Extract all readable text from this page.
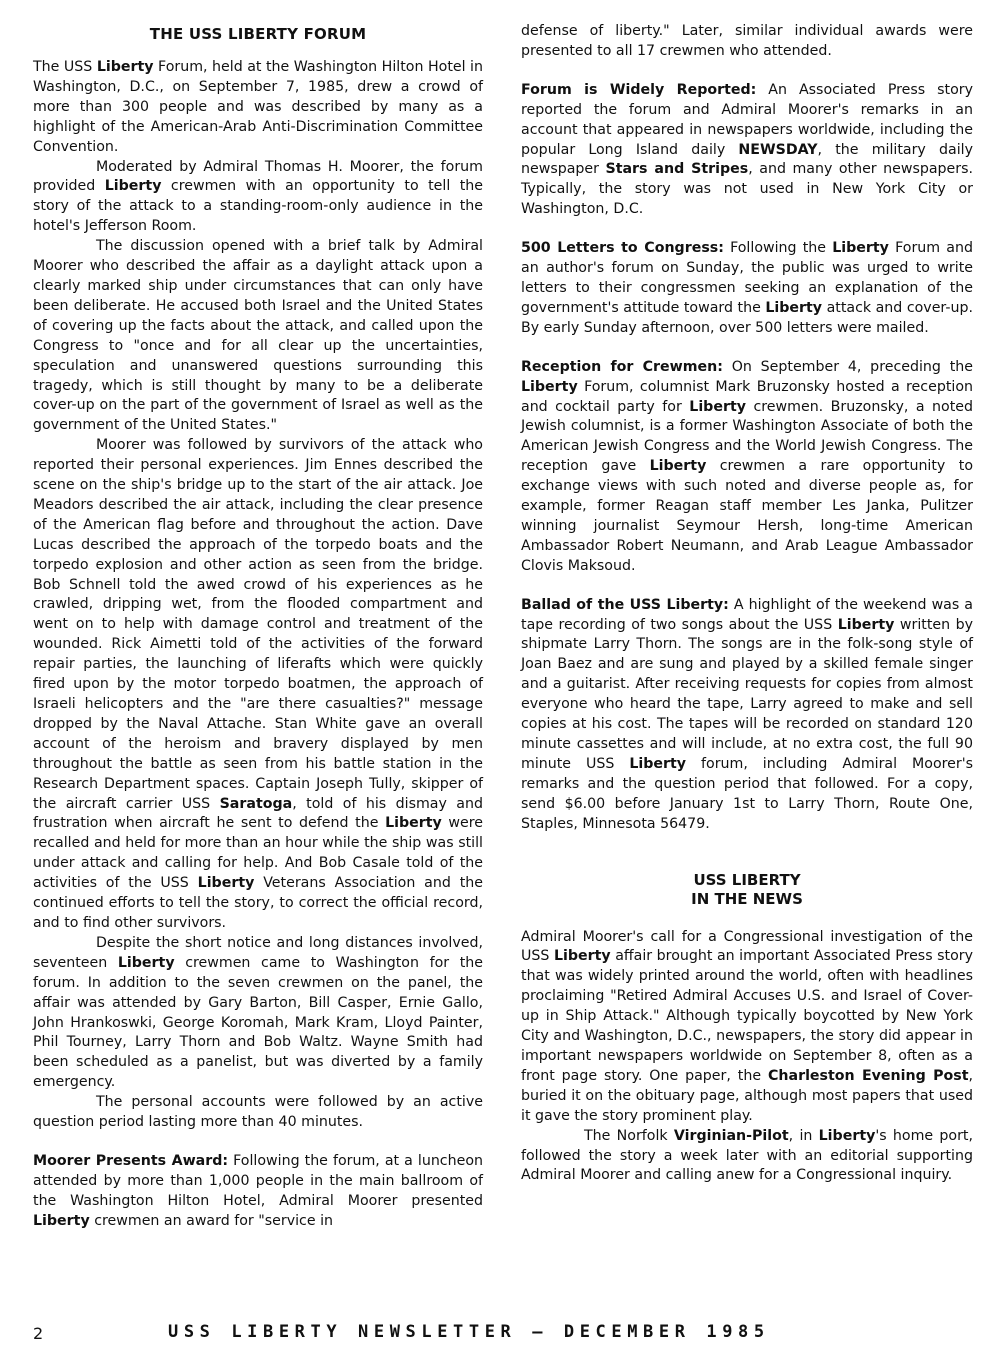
THE USS LIBERTY FORUM

The USS Liberty Forum, held at the Washington Hilton Hotel in Washington, D.C., on September 7, 1985, drew a crowd of more than 300 people and was described by many as a highlight of the American-Arab Anti-Discrimination Committee Convention.

Moderated by Admiral Thomas H. Moorer, the forum provided Liberty crewmen with an opportunity to tell the story of the attack to a standing-room-only audience in the hotel's Jefferson Room.

The discussion opened with a brief talk by Admiral Moorer who described the affair as a daylight attack upon a clearly marked ship under circumstances that can only have been deliberate. He accused both Israel and the United States of covering up the facts about the attack, and called upon the Congress to "once and for all clear up the uncertainties, speculation and unanswered questions surrounding this tragedy, which is still thought by many to be a deliberate cover-up on the part of the government of Israel as well as the government of the United States."

Moorer was followed by survivors of the attack who reported their personal experiences. Jim Ennes described the scene on the ship's bridge up to the start of the air attack. Joe Meadors described the air attack, including the clear presence of the American flag before and throughout the action. Dave Lucas described the approach of the torpedo boats and the torpedo explosion and other action as seen from the bridge. Bob Schnell told the awed crowd of his experiences as he crawled, dripping wet, from the flooded compartment and went on to help with damage control and treatment of the wounded. Rick Aimetti told of the activities of the forward repair parties, the launching of liferafts which were quickly fired upon by the motor torpedo boatmen, the approach of Israeli helicopters and the "are there casualties?" message dropped by the Naval Attache. Stan White gave an overall account of the heroism and bravery displayed by men throughout the battle as seen from his battle station in the Research Department spaces. Captain Joseph Tully, skipper of the aircraft carrier USS Saratoga, told of his dismay and frustration when aircraft he sent to defend the Liberty were recalled and held for more than an hour while the ship was still under attack and calling for help. And Bob Casale told of the activities of the USS Liberty Veterans Association and the continued efforts to tell the story, to correct the official record, and to find other survivors.

Despite the short notice and long distances involved, seventeen Liberty crewmen came to Washington for the forum. In addition to the seven crewmen on the panel, the affair was attended by Gary Barton, Bill Casper, Ernie Gallo, John Hrankoswki, George Koromah, Mark Kram, Lloyd Painter, Phil Tourney, Larry Thorn and Bob Waltz. Wayne Smith had been scheduled as a panelist, but was diverted by a family emergency.

The personal accounts were followed by an active question period lasting more than 40 minutes.

Moorer Presents Award: Following the forum, at a luncheon attended by more than 1,000 people in the main ballroom of the Washington Hilton Hotel, Admiral Moorer presented Liberty crewmen an award for "service in

defense of liberty." Later, similar individual awards were presented to all 17 crewmen who attended.

Forum is Widely Reported: An Associated Press story reported the forum and Admiral Moorer's remarks in an account that appeared in newspapers worldwide, including the popular Long Island daily NEWSDAY, the military daily newspaper Stars and Stripes, and many other newspapers. Typically, the story was not used in New York City or Washington, D.C.

500 Letters to Congress: Following the Liberty Forum and an author's forum on Sunday, the public was urged to write letters to their congressmen seeking an explanation of the government's attitude toward the Liberty attack and cover-up. By early Sunday afternoon, over 500 letters were mailed.

Reception for Crewmen: On September 4, preceding the Liberty Forum, columnist Mark Bruzonsky hosted a reception and cocktail party for Liberty crewmen. Bruzonsky, a noted Jewish columnist, is a former Washington Associate of both the American Jewish Congress and the World Jewish Congress. The reception gave Liberty crewmen a rare opportunity to exchange views with such noted and diverse people as, for example, former Reagan staff member Les Janka, Pulitzer winning journalist Seymour Hersh, long-time American Ambassador Robert Neumann, and Arab League Ambassador Clovis Maksoud.

Ballad of the USS Liberty: A highlight of the weekend was a tape recording of two songs about the USS Liberty written by shipmate Larry Thorn. The songs are in the folk-song style of Joan Baez and are sung and played by a skilled female singer and a guitarist. After receiving requests for copies from almost everyone who heard the tape, Larry agreed to make and sell copies at his cost. The tapes will be recorded on standard 120 minute cassettes and will include, at no extra cost, the full 90 minute USS Liberty forum, including Admiral Moorer's remarks and the question period that followed. For a copy, send $6.00 before January 1st to Larry Thorn, Route One, Staples, Minnesota 56479.

USS LIBERTY
IN THE NEWS

Admiral Moorer's call for a Congressional investigation of the USS Liberty affair brought an important Associated Press story that was widely printed around the world, often with headlines proclaiming "Retired Admiral Accuses U.S. and Israel of Cover-up in Ship Attack." Although typically boycotted by New York City and Washington, D.C., newspapers, the story did appear in important newspapers worldwide on September 8, often as a front page story. One paper, the Charleston Evening Post, buried it on the obituary page, although most papers that used it gave the story prominent play.

The Norfolk Virginian-Pilot, in Liberty's home port, followed the story a week later with an editorial supporting Admiral Moorer and calling anew for a Congressional inquiry.

2	USS LIBERTY NEWSLETTER – DECEMBER 1985
